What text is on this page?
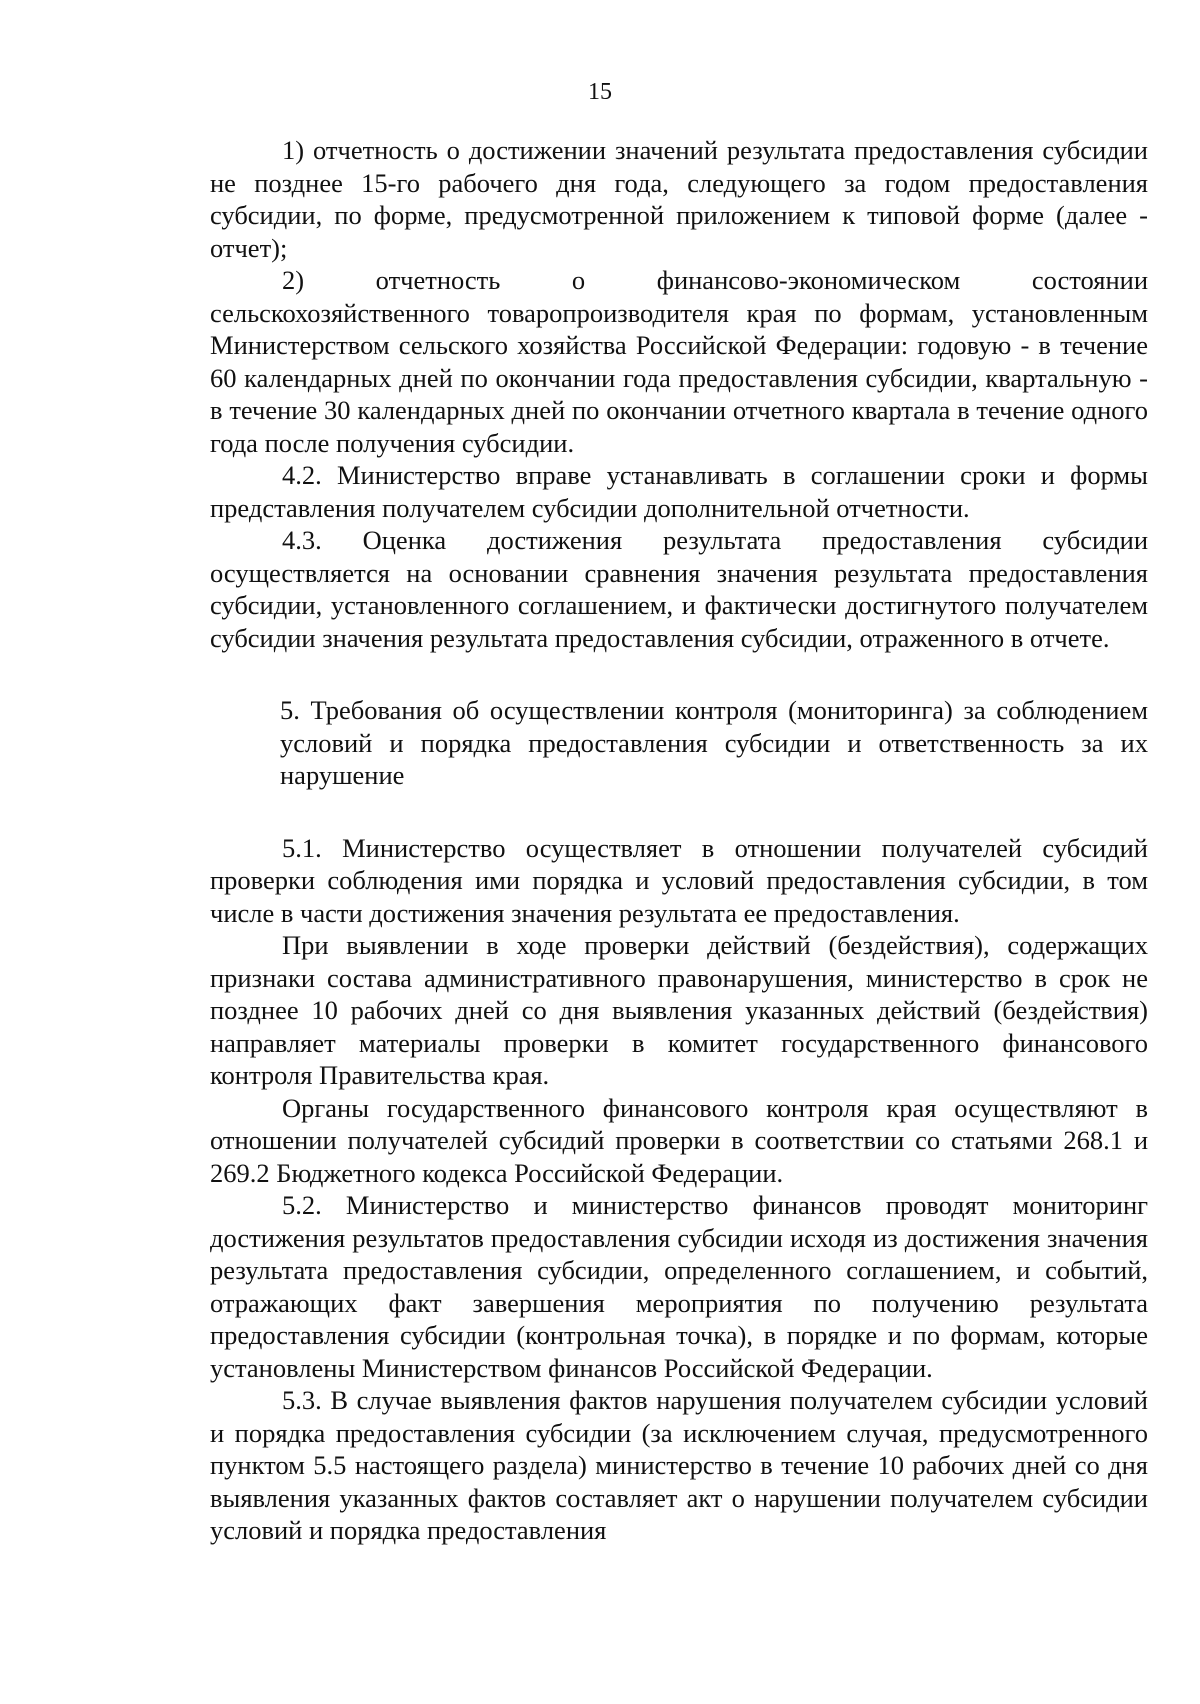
15

1) отчетность о достижении значений результата предоставления субсидии не позднее 15-го рабочего дня года, следующего за годом предоставления субсидии, по форме, предусмотренной приложением к типовой форме (далее - отчет);

2) отчетность о финансово-экономическом состоянии сельскохозяйственного товаропроизводителя края по формам, установленным Министерством сельского хозяйства Российской Федерации: годовую - в течение 60 календарных дней по окончании года предоставления субсидии, квартальную - в течение 30 календарных дней по окончании отчетного квартала в течение одного года после получения субсидии.

4.2. Министерство вправе устанавливать в соглашении сроки и формы представления получателем субсидии дополнительной отчетности.

4.3. Оценка достижения результата предоставления субсидии осуществляется на основании сравнения значения результата предоставления субсидии, установленного соглашением, и фактически достигнутого получателем субсидии значения результата предоставления субсидии, отраженного в отчете.

5. Требования об осуществлении контроля (мониторинга) за соблюдением условий и порядка предоставления субсидии и ответственность за их нарушение

5.1. Министерство осуществляет в отношении получателей субсидий проверки соблюдения ими порядка и условий предоставления субсидии, в том числе в части достижения значения результата ее предоставления.

При выявлении в ходе проверки действий (бездействия), содержащих признаки состава административного правонарушения, министерство в срок не позднее 10 рабочих дней со дня выявления указанных действий (бездействия) направляет материалы проверки в комитет государственного финансового контроля Правительства края.

Органы государственного финансового контроля края осуществляют в отношении получателей субсидий проверки в соответствии со статьями 268.1 и 269.2 Бюджетного кодекса Российской Федерации.

5.2. Министерство и министерство финансов проводят мониторинг достижения результатов предоставления субсидии исходя из достижения значения результата предоставления субсидии, определенного соглашением, и событий, отражающих факт завершения мероприятия по получению результата предоставления субсидии (контрольная точка), в порядке и по формам, которые установлены Министерством финансов Российской Федерации.

5.3. В случае выявления фактов нарушения получателем субсидии условий и порядка предоставления субсидии (за исключением случая, предусмотренного пунктом 5.5 настоящего раздела) министерство в течение 10 рабочих дней со дня выявления указанных фактов составляет акт о нарушении получателем субсидии условий и порядка предоставления
